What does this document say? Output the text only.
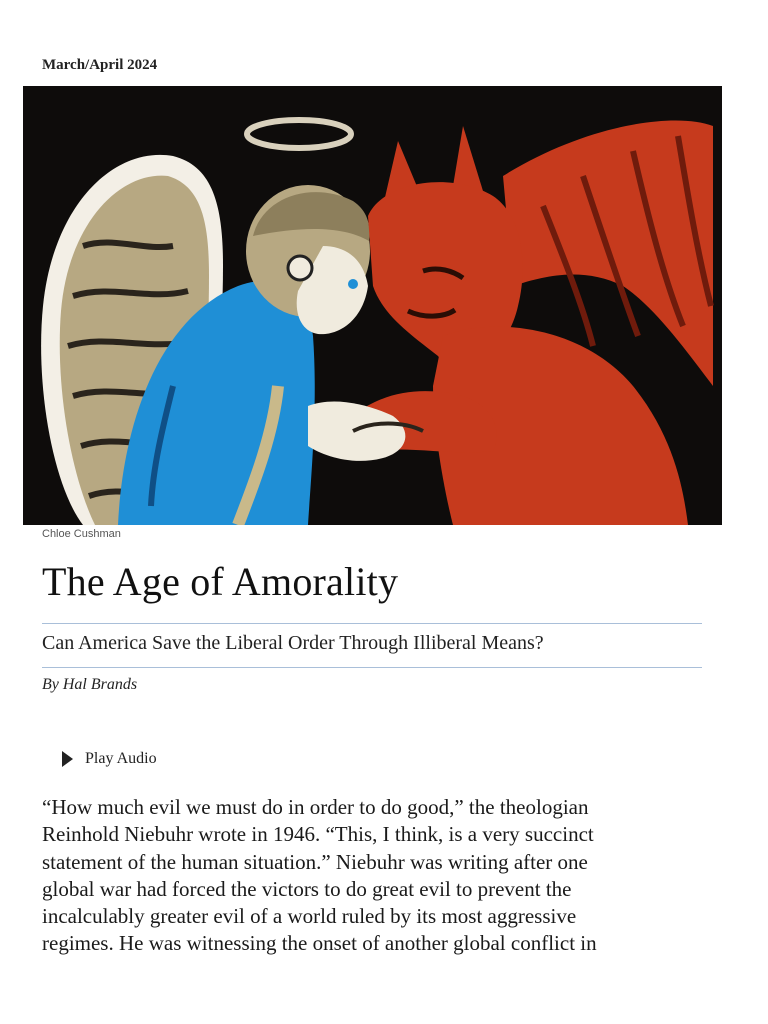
March/April 2024
Chloe Cushman
The Age of Amorality
Can America Save the Liberal Order Through Illiberal Means?
By Hal Brands
Play Audio

“How much evil we must do in order to do good,” the theologian
Reinhold Niebuhr wrote in 1946. “This, I think, is a very succinct
statement of the human situation.” Niebuhr was writing after one
global war had forced the victors to do great evil to prevent the
incalculably greater evil of a world ruled by its most aggressive
regimes. He was witnessing the onset of another global conflict in
